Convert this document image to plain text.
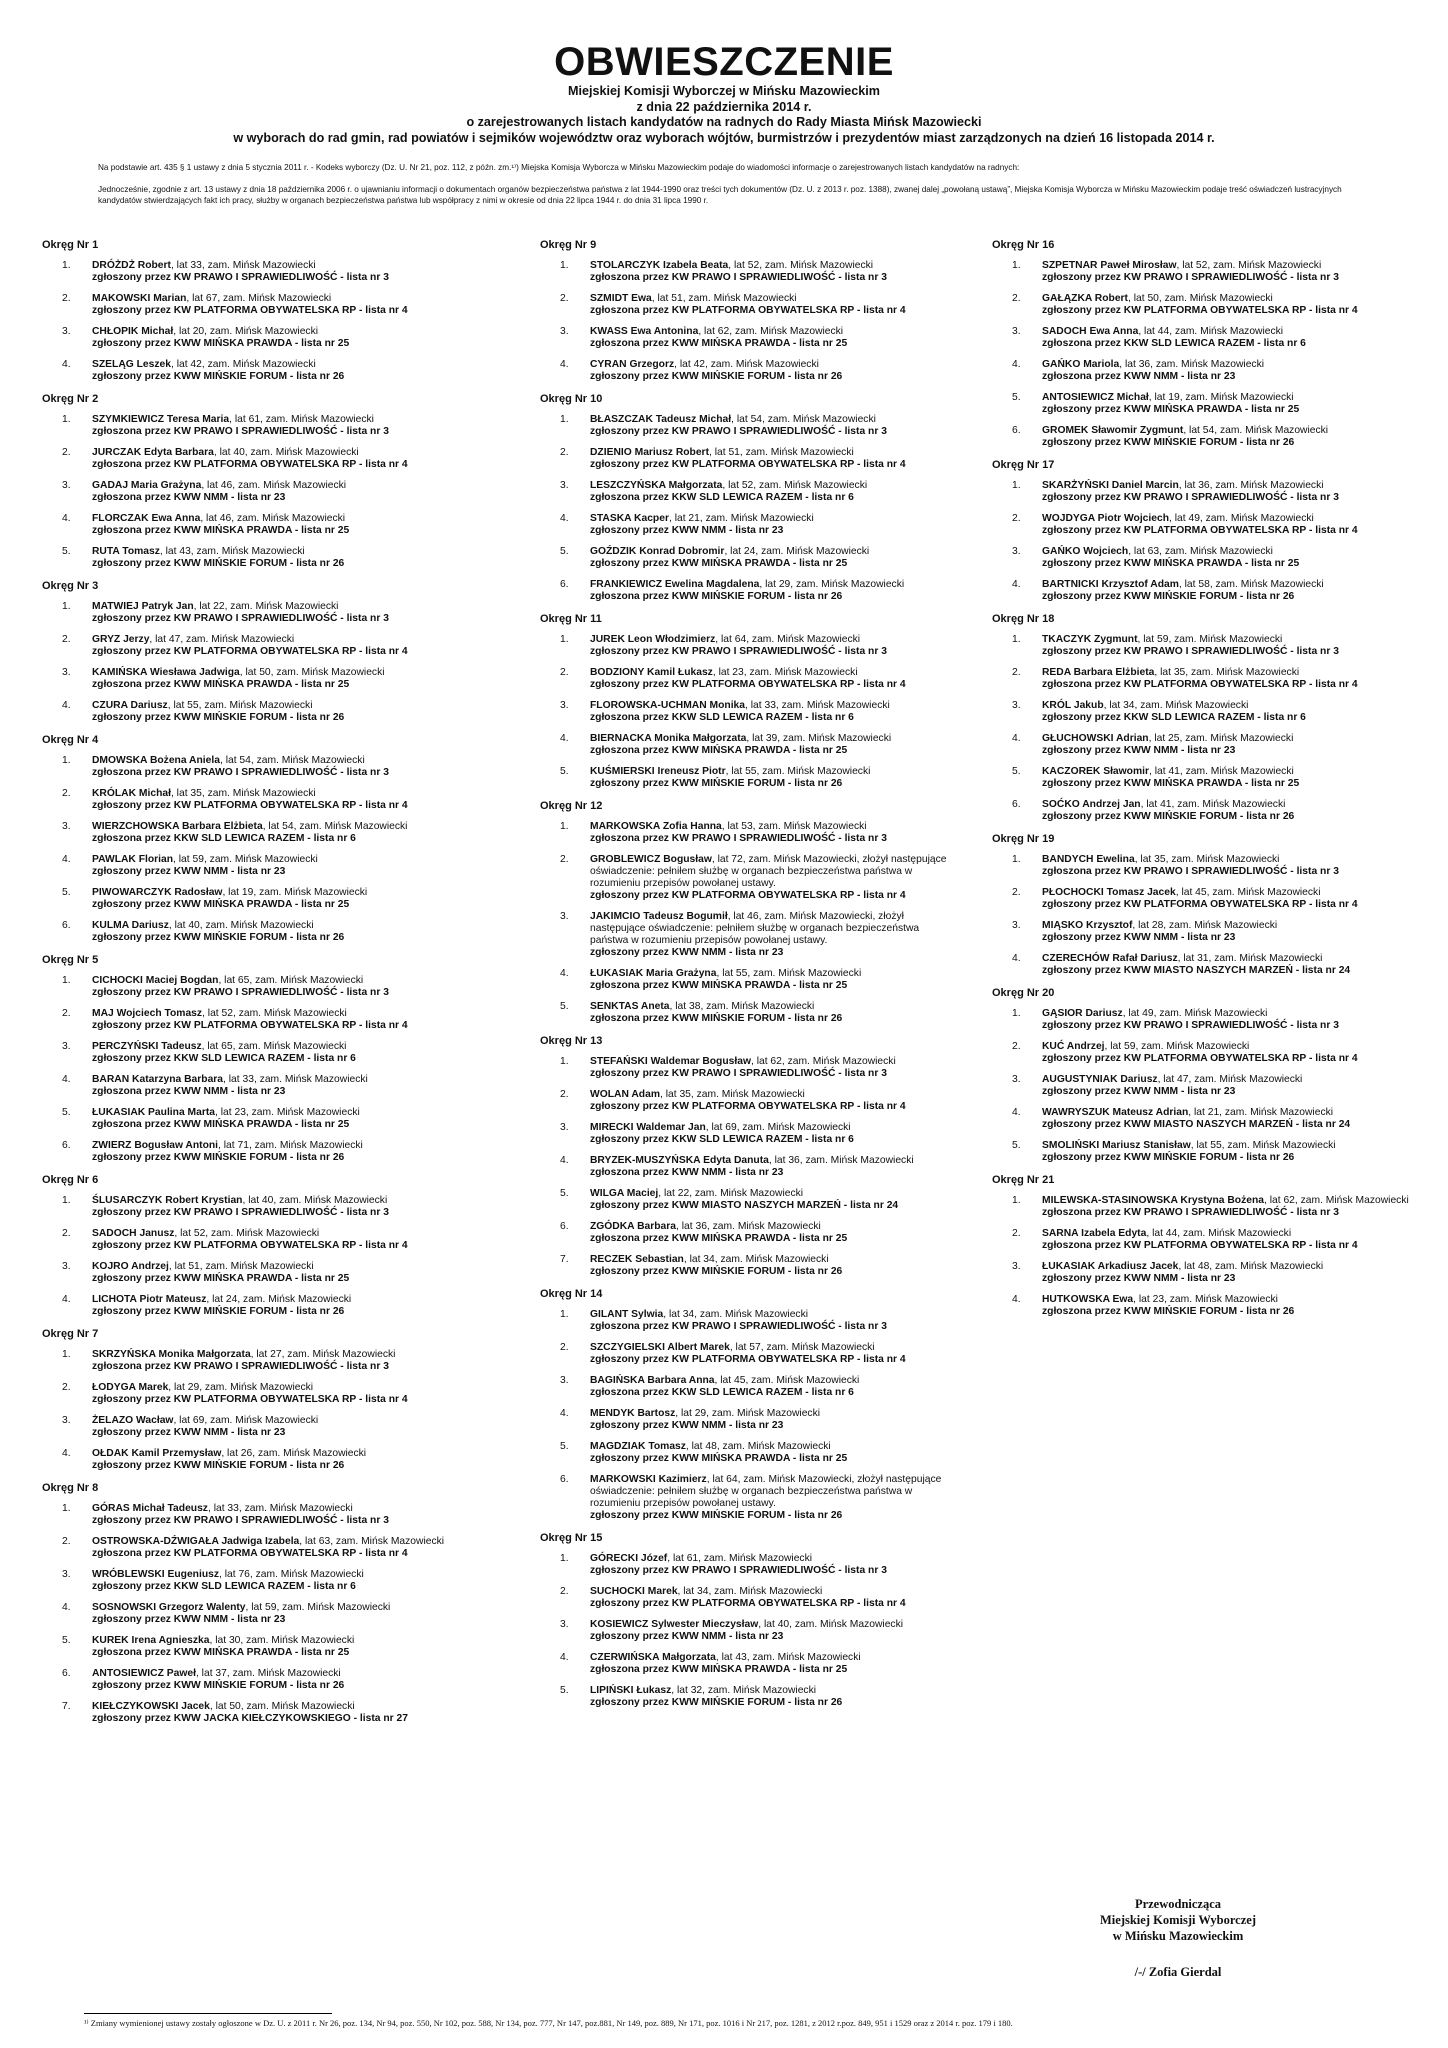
OBWIESZCZENIE
Miejskiej Komisji Wyborczej w Mińsku Mazowieckim
z dnia 22 października 2014 r.
o zarejestrowanych listach kandydatów na radnych do Rady Miasta Mińsk Mazowiecki
w wyborach do rad gmin, rad powiatów i sejmików województw oraz wyborach wójtów, burmistrzów i prezydentów miast zarządzonych na dzień 16 listopada 2014 r.
Na podstawie art. 435 § 1 ustawy z dnia 5 stycznia 2011 r. - Kodeks wyborczy (Dz. U. Nr 21, poz. 112, z późn. zm.¹⁾) Miejska Komisja Wyborcza w Mińsku Mazowieckim podaje do wiadomości informacje o zarejestrowanych listach kandydatów na radnych:
Jednocześnie, zgodnie z art. 13 ustawy z dnia 18 października 2006 r. o ujawnianiu informacji o dokumentach organów bezpieczeństwa państwa z lat 1944-1990 oraz treści tych dokumentów (Dz. U. z 2013 r. poz. 1388), zwanej dalej „powołaną ustawą”, Miejska Komisja Wyborcza w Mińsku Mazowieckim podaje treść oświadczeń lustracyjnych kandydatów stwierdzających fakt ich pracy, służby w organach bezpieczeństwa państwa lub współpracy z nimi w okresie od dnia 22 lipca 1944 r. do dnia 31 lipca 1990 r.
Okręg Nr 1
1.	DRÓŻDŻ Robert, lat 33, zam. Mińsk Mazowiecki
zgłoszony przez KW PRAWO I SPRAWIEDLIWOŚĆ - lista nr 3
2.	MAKOWSKI Marian, lat 67, zam. Mińsk Mazowiecki
zgłoszony przez KW PLATFORMA OBYWATELSKA RP - lista nr 4
3.	CHŁOPIK Michał, lat 20, zam. Mińsk Mazowiecki
zgłoszony przez KWW MIŃSKA PRAWDA - lista nr 25
4.	SZELĄG Leszek, lat 42, zam. Mińsk Mazowiecki
zgłoszony przez KWW MIŃSKIE FORUM - lista nr 26
Okręg Nr 2
1.	SZYMKIEWICZ Teresa Maria, lat 61, zam. Mińsk Mazowiecki
zgłoszona przez KW PRAWO I SPRAWIEDLIWOŚĆ - lista nr 3
2.	JURCZAK Edyta Barbara, lat 40, zam. Mińsk Mazowiecki
zgłoszona przez KW PLATFORMA OBYWATELSKA RP - lista nr 4
3.	GADAJ Maria Grażyna, lat 46, zam. Mińsk Mazowiecki
zgłoszona przez KWW NMM - lista nr 23
4.	FLORCZAK Ewa Anna, lat 46, zam. Mińsk Mazowiecki
zgłoszona przez KWW MIŃSKA PRAWDA - lista nr 25
5.	RUTA Tomasz, lat 43, zam. Mińsk Mazowiecki
zgłoszony przez KWW MIŃSKIE FORUM - lista nr 26
Okręg Nr 3
1.	MATWIEJ Patryk Jan, lat 22, zam. Mińsk Mazowiecki
zgłoszony przez KW PRAWO I SPRAWIEDLIWOŚĆ - lista nr 3
2.	GRYZ Jerzy, lat 47, zam. Mińsk Mazowiecki
zgłoszony przez KW PLATFORMA OBYWATELSKA RP - lista nr 4
3.	KAMIŃSKA Wiesława Jadwiga, lat 50, zam. Mińsk Mazowiecki
zgłoszona przez KWW MIŃSKA PRAWDA - lista nr 25
4.	CZURA Dariusz, lat 55, zam. Mińsk Mazowiecki
zgłoszony przez KWW MIŃSKIE FORUM - lista nr 26
Okręg Nr 4
1.	DMOWSKA Bożena Aniela, lat 54, zam. Mińsk Mazowiecki
zgłoszona przez KW PRAWO I SPRAWIEDLIWOŚĆ - lista nr 3
2.	KRÓLAK Michał, lat 35, zam. Mińsk Mazowiecki
zgłoszony przez KW PLATFORMA OBYWATELSKA RP - lista nr 4
3.	WIERZCHOWSKA Barbara Elżbieta, lat 54, zam. Mińsk Mazowiecki
zgłoszona przez KKW SLD LEWICA RAZEM - lista nr 6
4.	PAWLAK Florian, lat 59, zam. Mińsk Mazowiecki
zgłoszony przez KWW NMM - lista nr 23
5.	PIWOWARCZYK Radosław, lat 19, zam. Mińsk Mazowiecki
zgłoszony przez KWW MIŃSKA PRAWDA - lista nr 25
6.	KULMA Dariusz, lat 40, zam. Mińsk Mazowiecki
zgłoszony przez KWW MIŃSKIE FORUM - lista nr 26
Okręg Nr 5
1.	CICHOCKI Maciej Bogdan, lat 65, zam. Mińsk Mazowiecki
zgłoszony przez KW PRAWO I SPRAWIEDLIWOŚĆ - lista nr 3
2.	MAJ Wojciech Tomasz, lat 52, zam. Mińsk Mazowiecki
zgłoszony przez KW PLATFORMA OBYWATELSKA RP - lista nr 4
3.	PERCZYŃSKI Tadeusz, lat 65, zam. Mińsk Mazowiecki
zgłoszony przez KKW SLD LEWICA RAZEM - lista nr 6
4.	BARAN Katarzyna Barbara, lat 33, zam. Mińsk Mazowiecki
zgłoszona przez KWW NMM - lista nr 23
5.	ŁUKASIAK Paulina Marta, lat 23, zam. Mińsk Mazowiecki
zgłoszona przez KWW MIŃSKA PRAWDA - lista nr 25
6.	ZWIERZ Bogusław Antoni, lat 71, zam. Mińsk Mazowiecki
zgłoszony przez KWW MIŃSKIE FORUM - lista nr 26
Okręg Nr 6
1.	ŚLUSARCZYK Robert Krystian, lat 40, zam. Mińsk Mazowiecki
zgłoszony przez KW PRAWO I SPRAWIEDLIWOŚĆ - lista nr 3
2.	SADOCH Janusz, lat 52, zam. Mińsk Mazowiecki
zgłoszony przez KW PLATFORMA OBYWATELSKA RP - lista nr 4
3.	KOJRO Andrzej, lat 51, zam. Mińsk Mazowiecki
zgłoszony przez KWW MIŃSKA PRAWDA - lista nr 25
4.	LICHOTA Piotr Mateusz, lat 24, zam. Mińsk Mazowiecki
zgłoszony przez KWW MIŃSKIE FORUM - lista nr 26
Okręg Nr 7
1.	SKRZYŃSKA Monika Małgorzata, lat 27, zam. Mińsk Mazowiecki
zgłoszona przez KW PRAWO I SPRAWIEDLIWOŚĆ - lista nr 3
2.	ŁODYGA Marek, lat 29, zam. Mińsk Mazowiecki
zgłoszony przez KW PLATFORMA OBYWATELSKA RP - lista nr 4
3.	ŻELAZO Wacław, lat 69, zam. Mińsk Mazowiecki
zgłoszony przez KWW NMM - lista nr 23
4.	OŁDAK Kamil Przemysław, lat 26, zam. Mińsk Mazowiecki
zgłoszony przez KWW MIŃSKIE FORUM - lista nr 26
Okręg Nr 8
1.	GÓRAS Michał Tadeusz, lat 33, zam. Mińsk Mazowiecki
zgłoszony przez KW PRAWO I SPRAWIEDLIWOŚĆ - lista nr 3
2.	OSTROWSKA-DŹWIGAŁA Jadwiga Izabela, lat 63, zam. Mińsk Mazowiecki
zgłoszona przez KW PLATFORMA OBYWATELSKA RP - lista nr 4
3.	WRÓBLEWSKI Eugeniusz, lat 76, zam. Mińsk Mazowiecki
zgłoszony przez KKW SLD LEWICA RAZEM - lista nr 6
4.	SOSNOWSKI Grzegorz Walenty, lat 59, zam. Mińsk Mazowiecki
zgłoszony przez KWW NMM - lista nr 23
5.	KUREK Irena Agnieszka, lat 30, zam. Mińsk Mazowiecki
zgłoszona przez KWW MIŃSKA PRAWDA - lista nr 25
6.	ANTOSIEWICZ Paweł, lat 37, zam. Mińsk Mazowiecki
zgłoszony przez KWW MIŃSKIE FORUM - lista nr 26
7.	KIEŁCZYKOWSKI Jacek, lat 50, zam. Mińsk Mazowiecki
zgłoszony przez KWW JACKA KIEŁCZYKOWSKIEGO - lista nr 27
Okręg Nr 9
1.	STOLARCZYK Izabela Beata, lat 52, zam. Mińsk Mazowiecki
zgłoszona przez KW PRAWO I SPRAWIEDLIWOŚĆ - lista nr 3
2.	SZMIDT Ewa, lat 51, zam. Mińsk Mazowiecki
zgłoszona przez KW PLATFORMA OBYWATELSKA RP - lista nr 4
3.	KWASS Ewa Antonina, lat 62, zam. Mińsk Mazowiecki
zgłoszona przez KWW MIŃSKA PRAWDA - lista nr 25
4.	CYRAN Grzegorz, lat 42, zam. Mińsk Mazowiecki
zgłoszony przez KWW MIŃSKIE FORUM - lista nr 26
Okręg Nr 10
1.	BŁASZCZAK Tadeusz Michał, lat 54, zam. Mińsk Mazowiecki
zgłoszony przez KW PRAWO I SPRAWIEDLIWOŚĆ - lista nr 3
2.	DZIENIO Mariusz Robert, lat 51, zam. Mińsk Mazowiecki
zgłoszony przez KW PLATFORMA OBYWATELSKA RP - lista nr 4
3.	LESZCZYŃSKA Małgorzata, lat 52, zam. Mińsk Mazowiecki
zgłoszona przez KKW SLD LEWICA RAZEM - lista nr 6
4.	STASKA Kacper, lat 21, zam. Mińsk Mazowiecki
zgłoszony przez KWW NMM - lista nr 23
5.	GOŹDZIK Konrad Dobromir, lat 24, zam. Mińsk Mazowiecki
zgłoszony przez KWW MIŃSKA PRAWDA - lista nr 25
6.	FRANKIEWICZ Ewelina Magdalena, lat 29, zam. Mińsk Mazowiecki
zgłoszona przez KWW MIŃSKIE FORUM - lista nr 26
Okręg Nr 11
1.	JUREK Leon Włodzimierz, lat 64, zam. Mińsk Mazowiecki
zgłoszony przez KW PRAWO I SPRAWIEDLIWOŚĆ - lista nr 3
2.	BODZIONY Kamil Łukasz, lat 23, zam. Mińsk Mazowiecki
zgłoszony przez KW PLATFORMA OBYWATELSKA RP - lista nr 4
3.	FLOROWSKA-UCHMAN Monika, lat 33, zam. Mińsk Mazowiecki
zgłoszona przez KKW SLD LEWICA RAZEM - lista nr 6
4.	BIERNACKA Monika Małgorzata, lat 39, zam. Mińsk Mazowiecki
zgłoszona przez KWW MIŃSKA PRAWDA - lista nr 25
5.	KUŚMIERSKI Ireneusz Piotr, lat 55, zam. Mińsk Mazowiecki
zgłoszony przez KWW MIŃSKIE FORUM - lista nr 26
Okręg Nr 12
1.	MARKOWSKA Zofia Hanna, lat 53, zam. Mińsk Mazowiecki
zgłoszona przez KW PRAWO I SPRAWIEDLIWOŚĆ - lista nr 3
2.	GROBLEWICZ Bogusław, lat 72, zam. Mińsk Mazowiecki, złożył następujące oświadczenie: pełniłem służbę w organach bezpieczeństwa państwa w rozumieniu przepisów powołanej ustawy.
zgłoszony przez KW PLATFORMA OBYWATELSKA RP - lista nr 4
3.	JAKIMCIO Tadeusz Bogumił, lat 46, zam. Mińsk Mazowiecki, złożył następujące oświadczenie: pełniłem służbę w organach bezpieczeństwa państwa w rozumieniu przepisów powołanej ustawy.
zgłoszony przez KWW NMM - lista nr 23
4.	ŁUKASIAK Maria Grażyna, lat 55, zam. Mińsk Mazowiecki
zgłoszona przez KWW MIŃSKA PRAWDA - lista nr 25
5.	SENKTAS Aneta, lat 38, zam. Mińsk Mazowiecki
zgłoszona przez KWW MIŃSKIE FORUM - lista nr 26
Okręg Nr 13
1.	STEFAŃSKI Waldemar Bogusław, lat 62, zam. Mińsk Mazowiecki
zgłoszony przez KW PRAWO I SPRAWIEDLIWOŚĆ - lista nr 3
2.	WOLAN Adam, lat 35, zam. Mińsk Mazowiecki
zgłoszony przez KW PLATFORMA OBYWATELSKA RP - lista nr 4
3.	MIRECKI Waldemar Jan, lat 69, zam. Mińsk Mazowiecki
zgłoszony przez KKW SLD LEWICA RAZEM - lista nr 6
4.	BRYZEK-MUSZYŃSKA Edyta Danuta, lat 36, zam. Mińsk Mazowiecki
zgłoszona przez KWW NMM - lista nr 23
5.	WILGA Maciej, lat 22, zam. Mińsk Mazowiecki
zgłoszony przez KWW MIASTO NASZYCH MARZEŃ - lista nr 24
6.	ZGÓDKA Barbara, lat 36, zam. Mińsk Mazowiecki
zgłoszona przez KWW MIŃSKA PRAWDA - lista nr 25
7.	RECZEK Sebastian, lat 34, zam. Mińsk Mazowiecki
zgłoszony przez KWW MIŃSKIE FORUM - lista nr 26
Okręg Nr 14
1.	GILANT Sylwia, lat 34, zam. Mińsk Mazowiecki
zgłoszona przez KW PRAWO I SPRAWIEDLIWOŚĆ - lista nr 3
2.	SZCZYGIELSKI Albert Marek, lat 57, zam. Mińsk Mazowiecki
zgłoszony przez KW PLATFORMA OBYWATELSKA RP - lista nr 4
3.	BAGIŃSKA Barbara Anna, lat 45, zam. Mińsk Mazowiecki
zgłoszona przez KKW SLD LEWICA RAZEM - lista nr 6
4.	MENDYK Bartosz, lat 29, zam. Mińsk Mazowiecki
zgłoszony przez KWW NMM - lista nr 23
5.	MAGDZIAK Tomasz, lat 48, zam. Mińsk Mazowiecki
zgłoszony przez KWW MIŃSKA PRAWDA - lista nr 25
6.	MARKOWSKI Kazimierz, lat 64, zam. Mińsk Mazowiecki, złożył następujące oświadczenie: pełniłem służbę w organach bezpieczeństwa państwa w rozumieniu przepisów powołanej ustawy.
zgłoszony przez KWW MIŃSKIE FORUM - lista nr 26
Okręg Nr 15
1.	GÓRECKI Józef, lat 61, zam. Mińsk Mazowiecki
zgłoszony przez KW PRAWO I SPRAWIEDLIWOŚĆ - lista nr 3
2.	SUCHOCKI Marek, lat 34, zam. Mińsk Mazowiecki
zgłoszony przez KW PLATFORMA OBYWATELSKA RP - lista nr 4
3.	KOSIEWICZ Sylwester Mieczysław, lat 40, zam. Mińsk Mazowiecki
zgłoszony przez KWW NMM - lista nr 23
4.	CZERWIŃSKA Małgorzata, lat 43, zam. Mińsk Mazowiecki
zgłoszona przez KWW MIŃSKA PRAWDA - lista nr 25
5.	LIPIŃSKI Łukasz, lat 32, zam. Mińsk Mazowiecki
zgłoszony przez KWW MIŃSKIE FORUM - lista nr 26
Okręg Nr 16
1.	SZPETNAR Paweł Mirosław, lat 52, zam. Mińsk Mazowiecki
zgłoszony przez KW PRAWO I SPRAWIEDLIWOŚĆ - lista nr 3
2.	GAŁĄZKA Robert, lat 50, zam. Mińsk Mazowiecki
zgłoszony przez KW PLATFORMA OBYWATELSKA RP - lista nr 4
3.	SADOCH Ewa Anna, lat 44, zam. Mińsk Mazowiecki
zgłoszona przez KKW SLD LEWICA RAZEM - lista nr 6
4.	GAŃKO Mariola, lat 36, zam. Mińsk Mazowiecki
zgłoszona przez KWW NMM - lista nr 23
5.	ANTOSIEWICZ Michał, lat 19, zam. Mińsk Mazowiecki
zgłoszony przez KWW MIŃSKA PRAWDA - lista nr 25
6.	GROMEK Sławomir Zygmunt, lat 54, zam. Mińsk Mazowiecki
zgłoszony przez KWW MIŃSKIE FORUM - lista nr 26
Okręg Nr 17
1.	SKARŻYŃSKI Daniel Marcin, lat 36, zam. Mińsk Mazowiecki
zgłoszony przez KW PRAWO I SPRAWIEDLIWOŚĆ - lista nr 3
2.	WOJDYGA Piotr Wojciech, lat 49, zam. Mińsk Mazowiecki
zgłoszony przez KW PLATFORMA OBYWATELSKA RP - lista nr 4
3.	GAŃKO Wojciech, lat 63, zam. Mińsk Mazowiecki
zgłoszony przez KWW MIŃSKA PRAWDA - lista nr 25
4.	BARTNICKI Krzysztof Adam, lat 58, zam. Mińsk Mazowiecki
zgłoszony przez KWW MIŃSKIE FORUM - lista nr 26
Okręg Nr 18
1.	TKACZYK Zygmunt, lat 59, zam. Mińsk Mazowiecki
zgłoszony przez KW PRAWO I SPRAWIEDLIWOŚĆ - lista nr 3
2.	REDA Barbara Elżbieta, lat 35, zam. Mińsk Mazowiecki
zgłoszona przez KW PLATFORMA OBYWATELSKA RP - lista nr 4
3.	KRÓL Jakub, lat 34, zam. Mińsk Mazowiecki
zgłoszony przez KKW SLD LEWICA RAZEM - lista nr 6
4.	GŁUCHOWSKI Adrian, lat 25, zam. Mińsk Mazowiecki
zgłoszony przez KWW NMM - lista nr 23
5.	KACZOREK Sławomir, lat 41, zam. Mińsk Mazowiecki
zgłoszony przez KWW MIŃSKA PRAWDA - lista nr 25
6.	SOĆKO Andrzej Jan, lat 41, zam. Mińsk Mazowiecki
zgłoszony przez KWW MIŃSKIE FORUM - lista nr 26
Okręg Nr 19
1.	BANDYCH Ewelina, lat 35, zam. Mińsk Mazowiecki
zgłoszona przez KW PRAWO I SPRAWIEDLIWOŚĆ - lista nr 3
2.	PŁOCHOCKI Tomasz Jacek, lat 45, zam. Mińsk Mazowiecki
zgłoszony przez KW PLATFORMA OBYWATELSKA RP - lista nr 4
3.	MIĄSKO Krzysztof, lat 28, zam. Mińsk Mazowiecki
zgłoszony przez KWW NMM - lista nr 23
4.	CZERECHÓW Rafał Dariusz, lat 31, zam. Mińsk Mazowiecki
zgłoszony przez KWW MIASTO NASZYCH MARZEŃ - lista nr 24
Okręg Nr 20
1.	GĄSIOR Dariusz, lat 49, zam. Mińsk Mazowiecki
zgłoszony przez KW PRAWO I SPRAWIEDLIWOŚĆ - lista nr 3
2.	KUĆ Andrzej, lat 59, zam. Mińsk Mazowiecki
zgłoszony przez KW PLATFORMA OBYWATELSKA RP - lista nr 4
3.	AUGUSTYNIAK Dariusz, lat 47, zam. Mińsk Mazowiecki
zgłoszony przez KWW NMM - lista nr 23
4.	WAWRYSZUK Mateusz Adrian, lat 21, zam. Mińsk Mazowiecki
zgłoszony przez KWW MIASTO NASZYCH MARZEŃ - lista nr 24
5.	SMOLIŃSKI Mariusz Stanisław, lat 55, zam. Mińsk Mazowiecki
zgłoszony przez KWW MIŃSKIE FORUM - lista nr 26
Okręg Nr 21
1.	MILEWSKA-STASINOWSKA Krystyna Bożena, lat 62, zam. Mińsk Mazowiecki
zgłoszona przez KW PRAWO I SPRAWIEDLIWOŚĆ - lista nr 3
2.	SARNA Izabela Edyta, lat 44, zam. Mińsk Mazowiecki
zgłoszona przez KW PLATFORMA OBYWATELSKA RP - lista nr 4
3.	ŁUKASIAK Arkadiusz Jacek, lat 48, zam. Mińsk Mazowiecki
zgłoszony przez KWW NMM - lista nr 23
4.	HUTKOWSKA Ewa, lat 23, zam. Mińsk Mazowiecki
zgłoszona przez KWW MIŃSKIE FORUM - lista nr 26
Przewodnicząca
Miejskiej Komisji Wyborczej
w Mińsku Mazowieckim
/-/ Zofia Gierdal
¹⁾ Zmiany wymienionej ustawy zostały ogłoszone w Dz. U. z 2011 r. Nr 26, poz. 134, Nr 94, poz. 550, Nr 102, poz. 588, Nr 134, poz. 777, Nr 147, poz.881, Nr 149, poz. 889, Nr 171, poz. 1016 i Nr 217, poz. 1281, z 2012 r.poz. 849, 951 i 1529 oraz z 2014 r. poz. 179 i 180.
